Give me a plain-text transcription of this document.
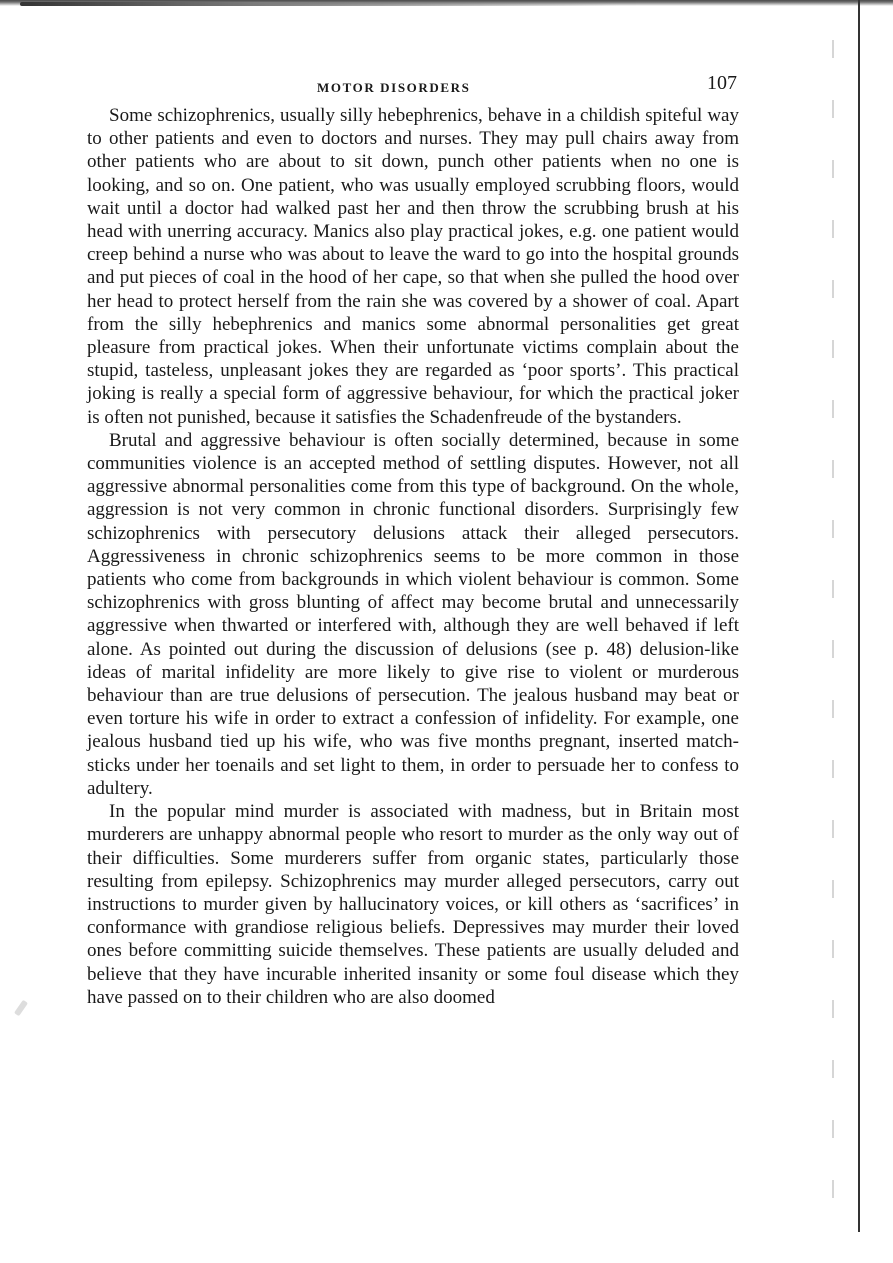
MOTOR DISORDERS	107

Some schizophrenics, usually silly hebephrenics, behave in a childish spiteful way to other patients and even to doctors and nurses. They may pull chairs away from other patients who are about to sit down, punch other patients when no one is looking, and so on. One patient, who was usually employed scrubbing floors, would wait until a doctor had walked past her and then throw the scrubbing brush at his head with unerring accuracy. Manics also play practical jokes, e.g. one patient would creep behind a nurse who was about to leave the ward to go into the hospital grounds and put pieces of coal in the hood of her cape, so that when she pulled the hood over her head to protect herself from the rain she was covered by a shower of coal. Apart from the silly hebephrenics and manics some abnormal personalities get great pleasure from practical jokes. When their unfortunate victims complain about the stupid, tasteless, unpleasant jokes they are regarded as ‘poor sports’. This practical joking is really a special form of aggressive behaviour, for which the practical joker is often not punished, because it satisfies the Schadenfreude of the bystanders.

Brutal and aggressive behaviour is often socially determined, because in some communities violence is an accepted method of settling disputes. However, not all aggressive abnormal personalities come from this type of background. On the whole, aggression is not very common in chronic functional disorders. Surprisingly few schizophrenics with persecutory delusions attack their alleged persecutors. Aggressiveness in chronic schizophrenics seems to be more common in those patients who come from backgrounds in which violent behaviour is common. Some schizophrenics with gross blunting of affect may become brutal and unnecessarily aggressive when thwarted or interfered with, although they are well behaved if left alone. As pointed out during the discussion of delusions (see p. 48) delusion-like ideas of marital infidelity are more likely to give rise to violent or murderous behaviour than are true delusions of persecution. The jealous husband may beat or even torture his wife in order to extract a confession of infidelity. For example, one jealous husband tied up his wife, who was five months pregnant, inserted match-sticks under her toenails and set light to them, in order to persuade her to confess to adultery.

In the popular mind murder is associated with madness, but in Britain most murderers are unhappy abnormal people who resort to murder as the only way out of their difficulties. Some murderers suffer from organic states, particularly those resulting from epilepsy. Schizophrenics may murder alleged persecutors, carry out instructions to murder given by hallucinatory voices, or kill others as ‘sacrifices’ in conformance with grandiose religious beliefs. Depressives may murder their loved ones before committing suicide themselves. These patients are usually deluded and believe that they have incurable inherited insanity or some foul disease which they have passed on to their children who are also doomed
